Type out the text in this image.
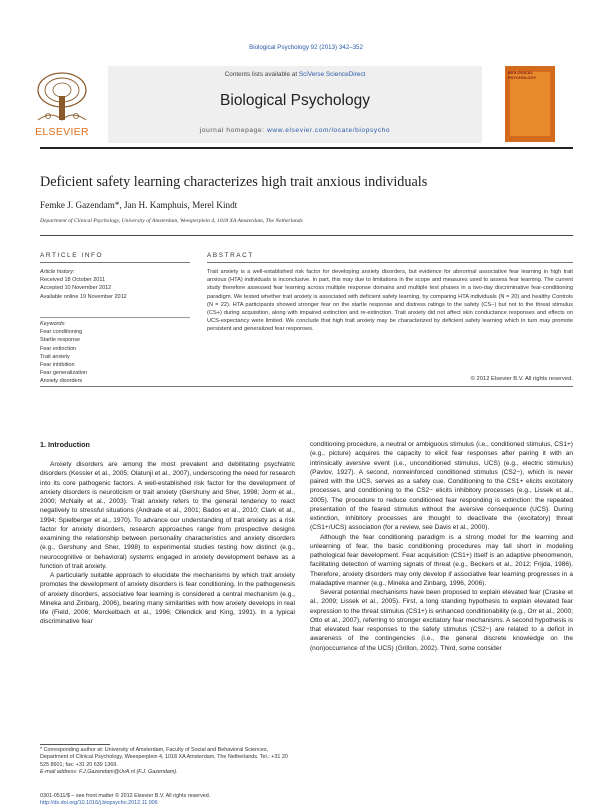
Biological Psychology 92 (2013) 342–352
Contents lists available at SciVerse ScienceDirect
Biological Psychology
journal homepage: www.elsevier.com/locate/biopsycho
ELSEVIER
BIOLOGICAL PSYCHOLOGY
Deficient safety learning characterizes high trait anxious individuals
Femke J. Gazendam*, Jan H. Kamphuis, Merel Kindt
Department of Clinical Psychology, University of Amsterdam, Weesperplein 4, 1018 XA Amsterdam, The Netherlands
ARTICLE INFO
Article history:
Received 18 October 2011
Accepted 10 November 2012
Available online 19 November 2012
Keywords:
Fear conditioning
Startle response
Fear extinction
Trait anxiety
Fear inhibition
Fear generalization
Anxiety disorders
ABSTRACT
Trait anxiety is a well-established risk factor for developing anxiety disorders, but evidence for abnormal associative fear learning in high trait anxious (HTA) individuals is inconclusive. In part, this may due to limitations in the scope and measures used to assess fear learning. The current study therefore assessed fear learning across multiple response domains and multiple test phases in a two-day discriminative fear-conditioning paradigm. We tested whether trait anxiety is associated with deficient safety learning, by comparing HTA individuals (N = 20) and healthy Controls (N = 22). HTA participants showed stronger fear on the startle response and distress ratings to the safety (CS−) but not to the threat stimulus (CS+) during acquisition, along with impaired extinction and re-extinction. Trait anxiety did not affect skin conductance responses and effects on UCS-expectancy were limited. We conclude that high trait anxiety may be characterized by deficient safety learning which in turn may promote persistent and generalized fear responses.
© 2012 Elsevier B.V. All rights reserved.
1. Introduction

Anxiety disorders are among the most prevalent and debilitating psychiatric disorders (Kessler et al., 2005; Olatunji et al., 2007), underscoring the need for research into its core pathogenic factors. A well-established risk factor for the development of anxiety disorders is neuroticism or trait anxiety (Gershuny and Sher, 1998; Jorm et al., 2000; McNally et al., 2003). Trait anxiety refers to the general tendency to react negatively to stressful situations (Andrade et al., 2001; Bados et al., 2010; Clark et al., 1994; Spielberger et al., 1970). To advance our understanding of trait anxiety as a risk factor for anxiety disorders, research approaches range from prospective designs examining the relationship between personality characteristics and anxiety disorders (e.g., Gershuny and Sher, 1998) to experimental studies testing how distinct (e.g., neurocognitive or behavioral) systems engaged in anxiety development behave as a function of trait anxiety.

A particularly suitable approach to elucidate the mechanisms by which trait anxiety promotes the development of anxiety disorders is fear conditioning. In the pathogenesis of anxiety disorders, associative fear learning is considered a central mechanism (e.g., Mineka and Zinbarg, 2006), bearing many similarities with how anxiety develops in real life (Field, 2006; Merckelbach et al., 1996; Ollendick and King, 1991). In a typical discriminative fear

conditioning procedure, a neutral or ambiguous stimulus (i.e., conditioned stimulus, CS1+) (e.g., picture) acquires the capacity to elicit fear responses after pairing it with an intrinsically aversive event (i.e., unconditioned stimulus, UCS) (e.g., electric stimulus) (Pavlov, 1927). A second, nonreinforced conditioned stimulus (CS2−), which is never paired with the UCS, serves as a safety cue. Conditioning to the CS1+ elicits excitatory processes, and conditioning to the CS2− elicits inhibitory processes (e.g., Lissek et al., 2005). The procedure to reduce conditioned fear responding is extinction: the repeated presentation of the feared stimulus without the aversive consequence (UCS). During extinction, inhibitory processes are thought to deactivate the (excitatory) threat (CS1+/UCS) association (for a review, see Davis et al., 2000).

Although the fear conditioning paradigm is a strong model for the learning and unlearning of fear, the basic conditioning procedures may fall short in modeling pathological fear development. Fear acquisition (CS1+) itself is an adaptive phenomenon, facilitating detection of warning signals of threat (e.g., Beckers et al., 2012; Frijda, 1986). Therefore, anxiety disorders may only develop if associative fear learning progresses in a maladaptive manner (e.g., Mineka and Zinbarg, 1996, 2006).

Several potential mechanisms have been proposed to explain elevated fear (Craske et al., 2009; Lissek et al., 2005). First, a long standing hypothesis to explain elevated fear expression to the threat stimulus (CS1+) is enhanced conditionability (e.g., Orr et al., 2000; Otto et al., 2007), referring to stronger excitatory fear mechanisms. A second hypothesis is that elevated fear responses to the safety stimulus (CS2−) are related to a deficit in awareness of the contingencies (i.e., the general discrete knowledge on the (non)occurrence of the UCS) (Grillon, 2002). Third, some consider

* Corresponding author at: University of Amsterdam, Faculty of Social and Behavioral Sciences, Department of Clinical Psychology, Weesperplein 4, 1018 XA Amsterdam, The Netherlands. Tel.: +31 20 525 8601; fax: +31 20 639 1369.
E-mail address: F.J.Gazendam@UvA.nl (F.J. Gazendam).
0301-0511/$ – see front matter © 2012 Elsevier B.V. All rights reserved.
http://dx.doi.org/10.1016/j.biopsycho.2012.11.006
